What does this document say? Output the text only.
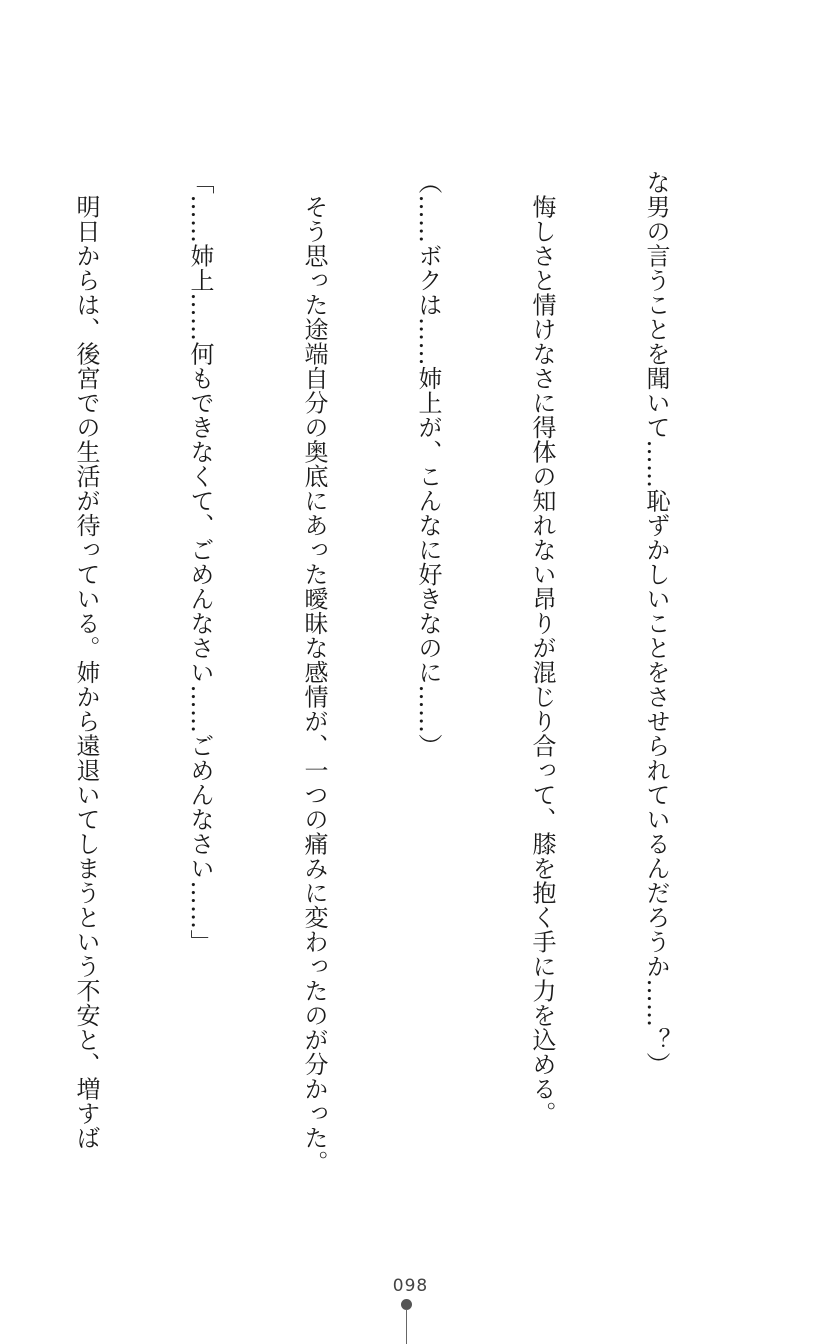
な男の言うことを聞いて……恥ずかしいことをさせられているんだろうか……？）

　悔しさと情けなさに得体の知れない昂りが混じり合って、膝を抱く手に力を込める。

（……ボクは……姉上が、こんなに好きなのに……）

　そう思った途端自分の奥底にあった曖昧な感情が、一つの痛みに変わったのが分かった。

「……姉上……何もできなくて、ごめんなさい……ごめんなさい……」

　明日からは、後宮での生活が待っている。姉から遠退いてしまうという不安と、増すば

098
